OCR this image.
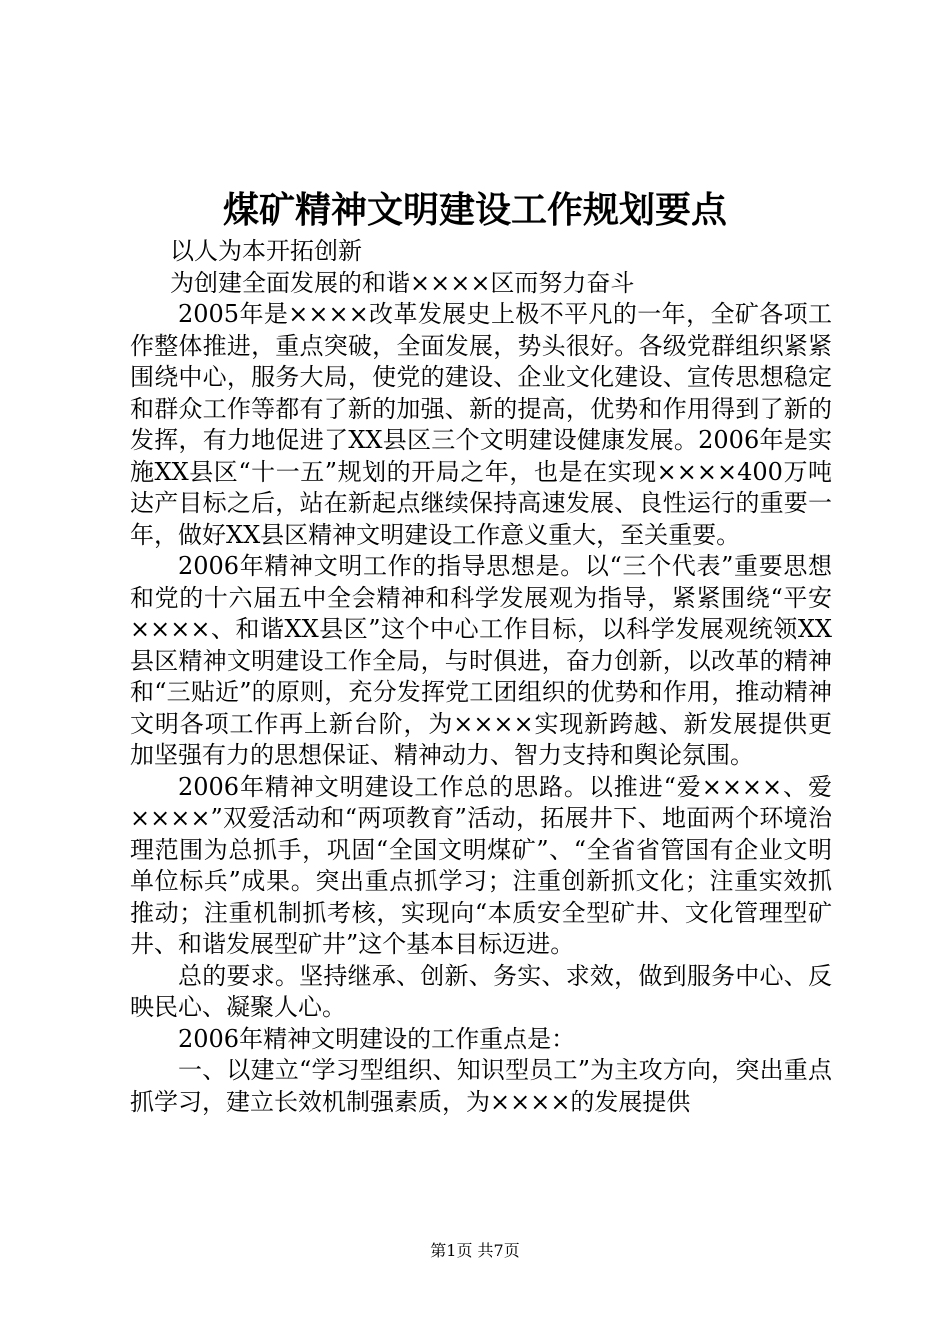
煤矿精神文明建设工作规划要点

以人为本开拓创新

为创建全面发展的和谐××××区而努力奋斗

2005年是××××改革发展史上极不平凡的一年，全矿各项工作整体推进，重点突破，全面发展，势头很好。各级党群组织紧紧围绕中心，服务大局，使党的建设、企业文化建设、宣传思想稳定和群众工作等都有了新的加强、新的提高，优势和作用得到了新的发挥，有力地促进了XX县区三个文明建设健康发展。2006年是实施XX县区“十一五”规划的开局之年，也是在实现××××400万吨达产目标之后，站在新起点继续保持高速发展、良性运行的重要一年，做好XX县区精神文明建设工作意义重大，至关重要。

2006年精神文明工作的指导思想是。以“三个代表”重要思想和党的十六届五中全会精神和科学发展观为指导，紧紧围绕“平安××××、和谐XX县区”这个中心工作目标，以科学发展观统领XX县区精神文明建设工作全局，与时俱进，奋力创新，以改革的精神和“三贴近”的原则，充分发挥党工团组织的优势和作用，推动精神文明各项工作再上新台阶，为××××实现新跨越、新发展提供更加坚强有力的思想保证、精神动力、智力支持和舆论氛围。

2006年精神文明建设工作总的思路。以推进“爱××××、爱××××”双爱活动和“两项教育”活动，拓展井下、地面两个环境治理范围为总抓手，巩固“全国文明煤矿”、“全省省管国有企业文明单位标兵”成果。突出重点抓学习；注重创新抓文化；注重实效抓推动；注重机制抓考核，实现向“本质安全型矿井、文化管理型矿井、和谐发展型矿井”这个基本目标迈进。

总的要求。坚持继承、创新、务实、求效，做到服务中心、反映民心、凝聚人心。

2006年精神文明建设的工作重点是：

一、以建立“学习型组织、知识型员工”为主攻方向，突出重点抓学习，建立长效机制强素质，为××××的发展提供

第1页 共7页
